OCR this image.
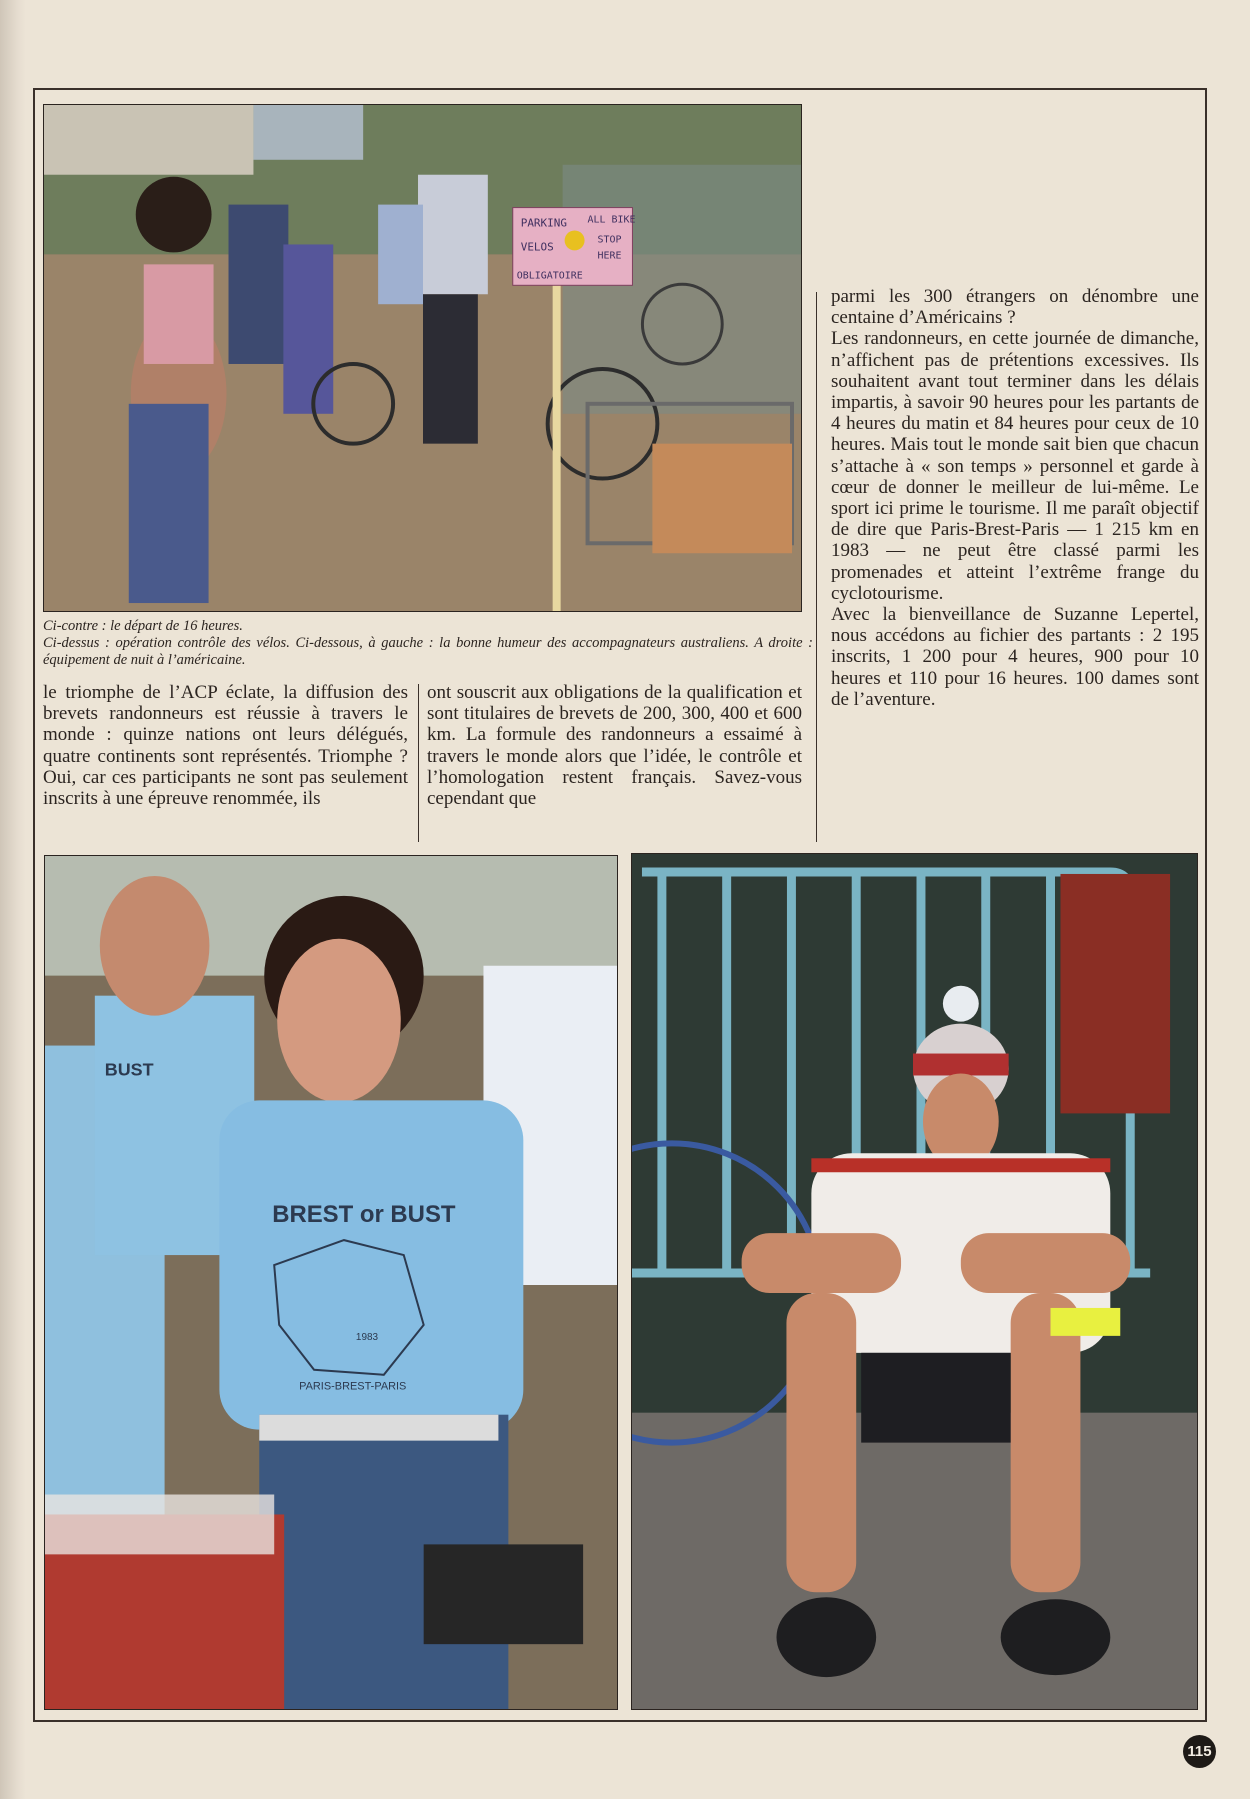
PARKING
VELOS
OBLIGATOIRE
ALL BIKE
STOP
HERE

Ci-contre : le départ de 16 heures.

Ci-dessus : opération contrôle des vélos. Ci-dessous, à gauche : la bonne humeur des accompagnateurs australiens. A droite : équipement de nuit à l’américaine.

le triomphe de l’ACP éclate, la diffusion des brevets randonneurs est réussie à travers le monde : quinze nations ont leurs délégués, quatre continents sont représentés. Triomphe ? Oui, car ces participants ne sont pas seulement inscrits à une épreuve renommée, ils

ont souscrit aux obligations de la qualification et sont titulaires de brevets de 200, 300, 400 et 600 km. La formule des randonneurs a essaimé à travers le monde alors que l’idée, le contrôle et l’homologation restent français. Savez-vous cependant que

parmi les 300 étrangers on dénombre une centaine d’Américains ?

Les randonneurs, en cette journée de dimanche, n’affichent pas de prétentions excessives. Ils souhaitent avant tout terminer dans les délais impartis, à savoir 90 heures pour les partants de 4 heures du matin et 84 heures pour ceux de 10 heures. Mais tout le monde sait bien que chacun s’attache à « son temps » personnel et garde à cœur de donner le meilleur de lui-même. Le sport ici prime le tourisme. Il me paraît objectif de dire que Paris-Brest-Paris — 1 215 km en 1983 — ne peut être classé parmi les promenades et atteint l’extrême frange du cyclotourisme.

Avec la bienveillance de Suzanne Lepertel, nous accédons au fichier des partants : 2 195 inscrits, 1 200 pour 4 heures, 900 pour 10 heures et 110 pour 16 heures. 100 dames sont de l’aventure.

BREST or BUST
1983
PARIS-BREST-PARIS
BUST
115
